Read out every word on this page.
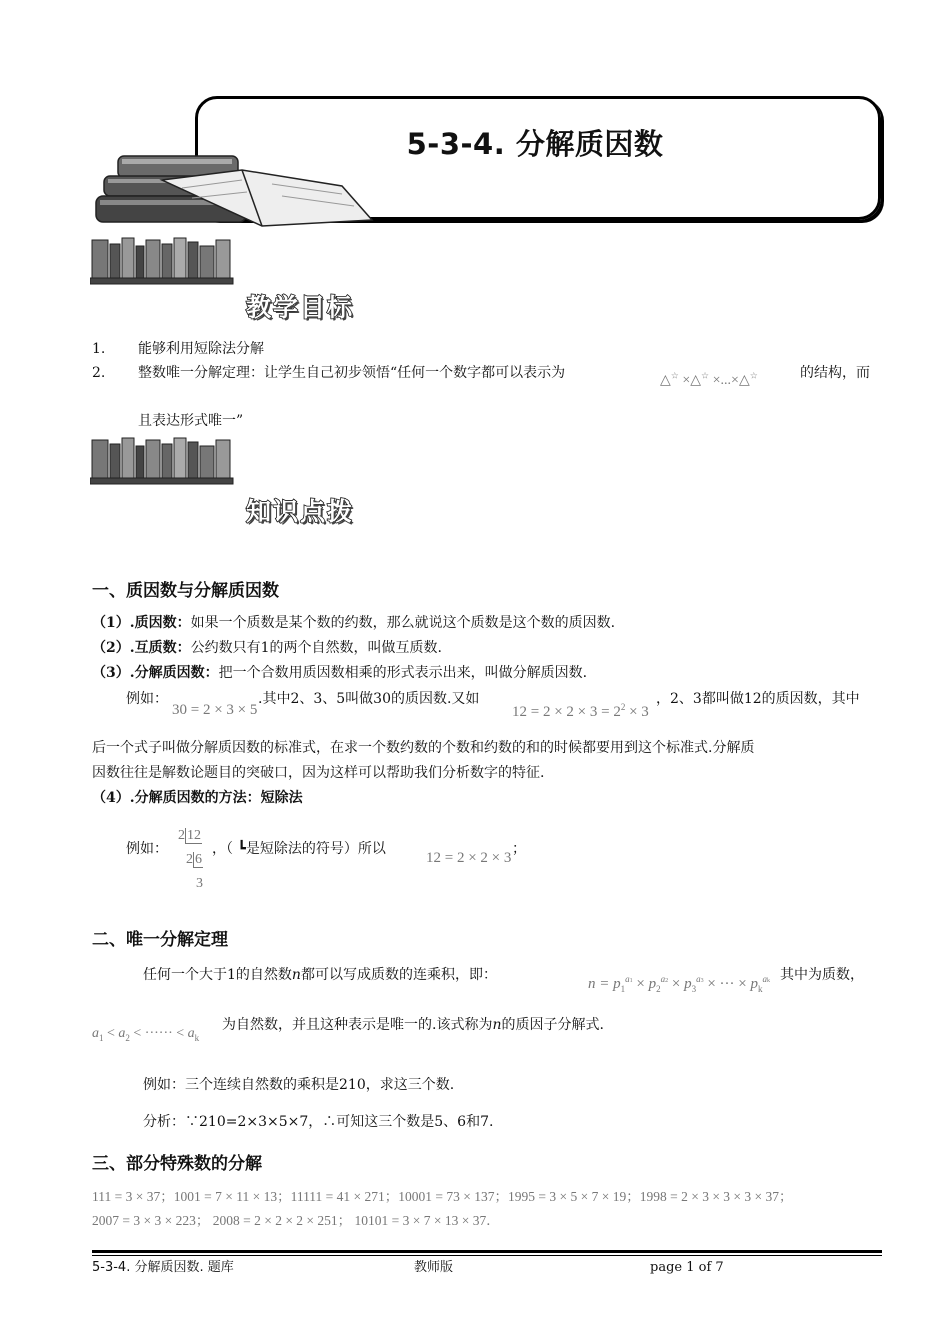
5-3-4. 分解质因数
教学目标
1. 能够利用短除法分解
2. 整数唯一分解定理：让学生自己初步领悟“任何一个数字都可以表示为	△☆ ×△☆ ×...×△☆	的结构，而
且表达形式唯一”
知识点拨
一、质因数与分解质因数
（1）.质因数：如果一个质数是某个数的约数，那么就说这个质数是这个数的质因数.
（2）.互质数：公约数只有1的两个自然数，叫做互质数.
（3）.分解质因数：把一个合数用质因数相乘的形式表示出来，叫做分解质因数.
例如：
30 = 2 × 3 × 5
.其中2、3、5叫做30的质因数.又如
$12 = 2 \times 2 \times 3 = 2^2 \times 3$
，2、3都叫做12的质因数，其中
后一个式子叫做分解质因数的标准式，在求一个数约数的个数和约数的和的时候都要用到这个标准式.分解质
因数往往是解数论题目的突破口，因为这样可以帮助我们分析数字的特征.
（4）.分解质因数的方法：短除法
例如：
2 12
2 6
3
，（ ┗是短除法的符号）所以
12 = 2 × 2 × 3
；
二、唯一分解定理
任何一个大于1的自然数n都可以写成质数的连乘积，即：
$n = p_1^{a1} \times p_2^{a2} \times p_3^{a3}$ × ··· × $p_k^{ak}$ 其中为质数，
$a_1 < a_2$ < ······ < $a_k$
为自然数，并且这种表示是唯一的.该式称为n的质因子分解式.
例如：三个连续自然数的乘积是210，求这三个数.
分析：∵210=2×3×5×7，∴可知这三个数是5、6和7.
三、部分特殊数的分解
111 = 3 × 37；1001 = 7 × 11 × 13；11111 = 41 × 271；10001 = 73 × 137；1995 = 3 × 5 × 7 × 19；1998 = 2 × 3 × 3 × 3 × 37；
2007 = 3 × 3 × 223； 2008 = 2 × 2 × 2 × 251； 10101 = 3 × 7 × 13 × 37．
5-3-4. 分解质因数. 题库	教师版	page 1 of 7
